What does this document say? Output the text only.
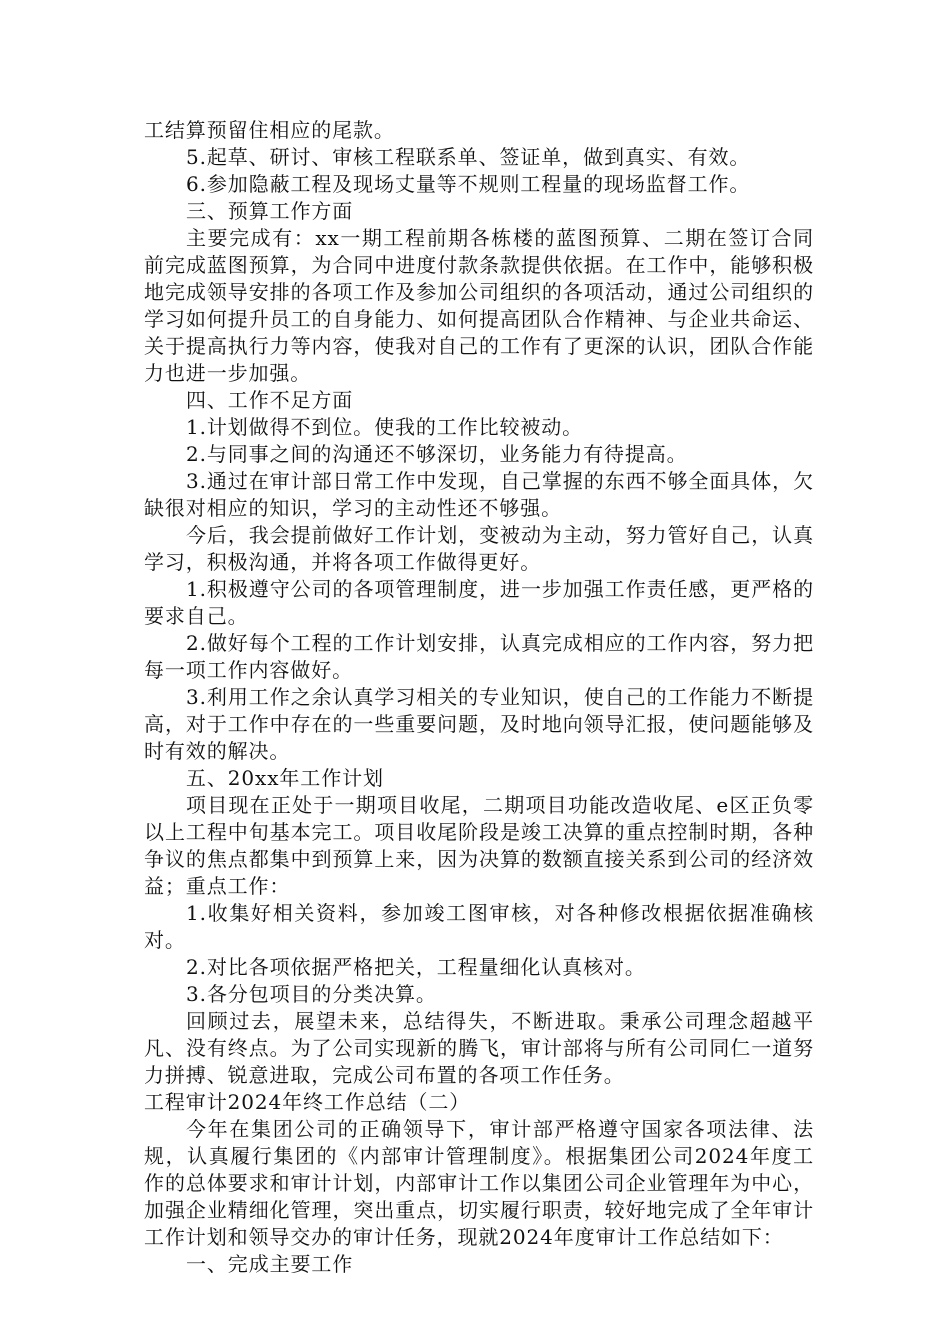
工结算预留住相应的尾款。

5.起草、研讨、审核工程联系单、签证单，做到真实、有效。

6.参加隐蔽工程及现场丈量等不规则工程量的现场监督工作。

三、预算工作方面

主要完成有：xx一期工程前期各栋楼的蓝图预算、二期在签订合同前完成蓝图预算，为合同中进度付款条款提供依据。在工作中，能够积极地完成领导安排的各项工作及参加公司组织的各项活动，通过公司组织的学习如何提升员工的自身能力、如何提高团队合作精神、与企业共命运、关于提高执行力等内容，使我对自己的工作有了更深的认识，团队合作能力也进一步加强。

四、工作不足方面

1.计划做得不到位。使我的工作比较被动。

2.与同事之间的沟通还不够深切，业务能力有待提高。

3.通过在审计部日常工作中发现，自己掌握的东西不够全面具体，欠缺很对相应的知识，学习的主动性还不够强。

今后，我会提前做好工作计划，变被动为主动，努力管好自己，认真学习，积极沟通，并将各项工作做得更好。

1.积极遵守公司的各项管理制度，进一步加强工作责任感，更严格的要求自己。

2.做好每个工程的工作计划安排，认真完成相应的工作内容，努力把每一项工作内容做好。

3.利用工作之余认真学习相关的专业知识，使自己的工作能力不断提高，对于工作中存在的一些重要问题，及时地向领导汇报，使问题能够及时有效的解决。

五、20xx年工作计划

项目现在正处于一期项目收尾，二期项目功能改造收尾、e区正负零以上工程中旬基本完工。项目收尾阶段是竣工决算的重点控制时期，各种争议的焦点都集中到预算上来，因为决算的数额直接关系到公司的经济效益；重点工作：

1.收集好相关资料，参加竣工图审核，对各种修改根据依据准确核对。

2.对比各项依据严格把关，工程量细化认真核对。

3.各分包项目的分类决算。

回顾过去，展望未来，总结得失，不断进取。秉承公司理念超越平凡、没有终点。为了公司实现新的腾飞，审计部将与所有公司同仁一道努力拼搏、锐意进取，完成公司布置的各项工作任务。

工程审计2024年终工作总结（二）

今年在集团公司的正确领导下，审计部严格遵守国家各项法律、法规，认真履行集团的《内部审计管理制度》。根据集团公司2024年度工作的总体要求和审计计划，内部审计工作以集团公司企业管理年为中心，加强企业精细化管理，突出重点，切实履行职责，较好地完成了全年审计工作计划和领导交办的审计任务，现就2024年度审计工作总结如下：

一、完成主要工作
